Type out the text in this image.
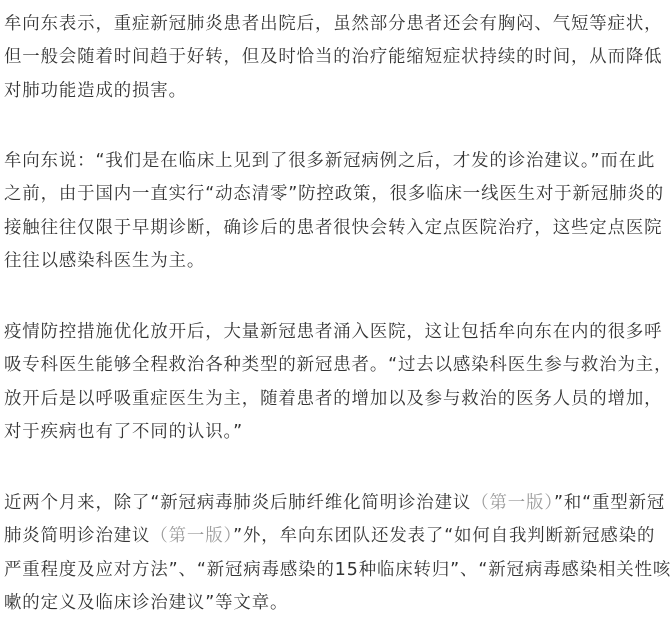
牟向东表示，重症新冠肺炎患者出院后，虽然部分患者还会有胸闷、气短等症状，
但一般会随着时间趋于好转，但及时恰当的治疗能缩短症状持续的时间，从而降低
对肺功能造成的损害。

牟向东说：“我们是在临床上见到了很多新冠病例之后，才发的诊治建议。”而在此
之前，由于国内一直实行“动态清零”防控政策，很多临床一线医生对于新冠肺炎的
接触往往仅限于早期诊断，确诊后的患者很快会转入定点医院治疗，这些定点医院
往往以感染科医生为主。

疫情防控措施优化放开后，大量新冠患者涌入医院，这让包括牟向东在内的很多呼
吸专科医生能够全程救治各种类型的新冠患者。“过去以感染科医生参与救治为主，
放开后是以呼吸重症医生为主，随着患者的增加以及参与救治的医务人员的增加，
对于疾病也有了不同的认识。”

近两个月来，除了“新冠病毒肺炎后肺纤维化简明诊治建议（第一版）”和“重型新冠
肺炎简明诊治建议（第一版）”外，牟向东团队还发表了“如何自我判断新冠感染的
严重程度及应对方法”、“新冠病毒感染的15种临床转归”、“新冠病毒感染相关性咳
嗽的定义及临床诊治建议”等文章。
